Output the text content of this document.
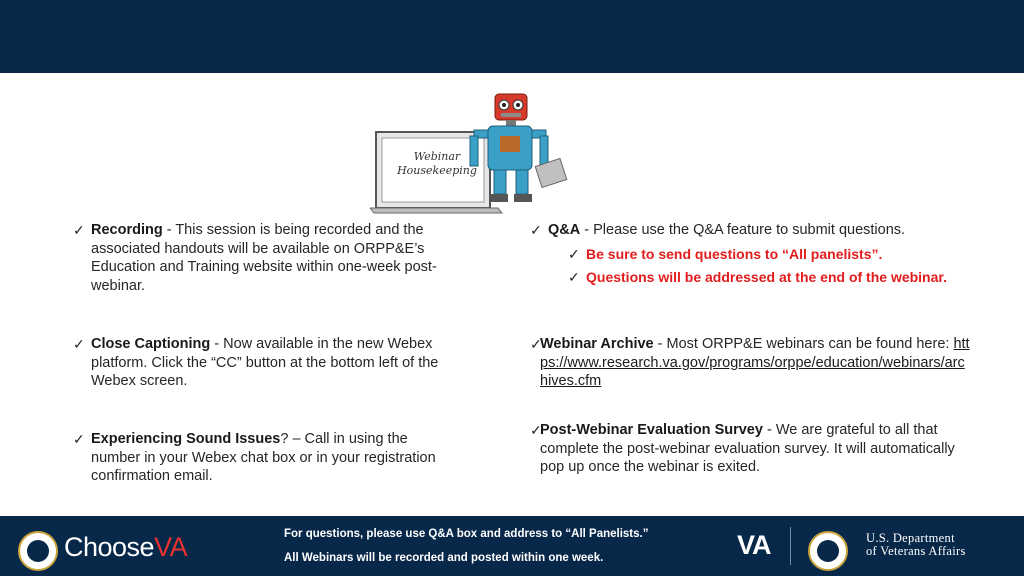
Webinar
Housekeeping
✓ Recording - This session is being recorded and the associated handouts will be available on ORPP&E’s Education and Training website within one-week post-webinar.
✓ Close Captioning - Now available in the new Webex platform. Click the “CC” button at the bottom left of the Webex screen.
✓ Experiencing Sound Issues? – Call in using the number in your Webex chat box or in your registration confirmation email.
✓ Q&A - Please use the Q&A feature to submit questions.
✓ Be sure to send questions to “All panelists”.
✓ Questions will be addressed at the end of the webinar.
✓
Webinar Archive - Most ORPP&E webinars can be found here: https://www.research.va.gov/programs/orppe/education/webinars/archives.cfm
✓
Post-Webinar Evaluation Survey - We are grateful to all that complete the post-webinar evaluation survey. It will automatically pop up once the webinar is exited.
ChooseVA	For questions, please use Q&A box and address to “All Panelists.”
All Webinars will be recorded and posted within one week.	VA	U.S. Department
of Veterans Affairs
